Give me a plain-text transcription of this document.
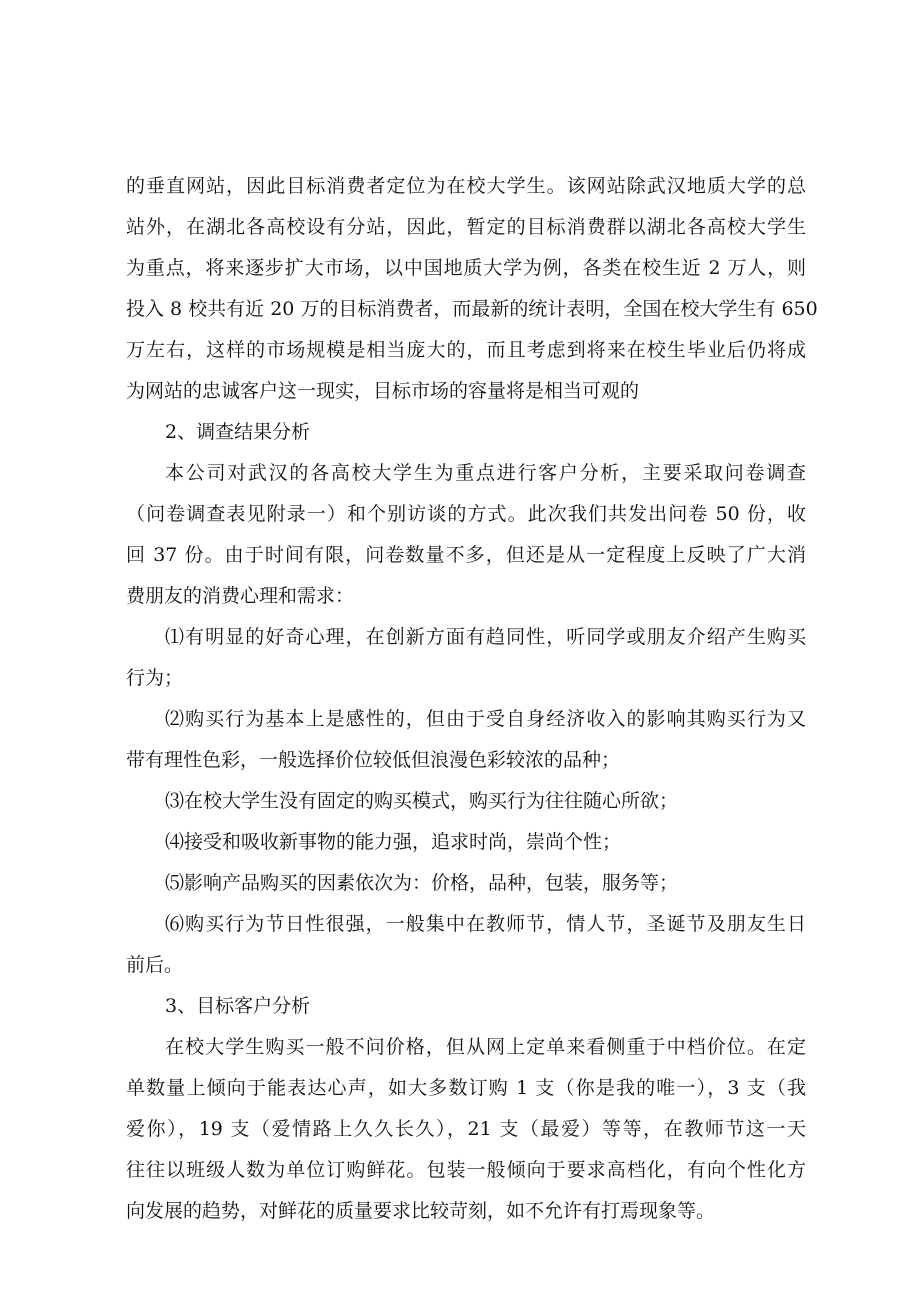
的垂直网站，因此目标消费者定位为在校大学生。该网站除武汉地质大学的总
站外，在湖北各高校设有分站，因此，暂定的目标消费群以湖北各高校大学生
为重点，将来逐步扩大市场，以中国地质大学为例，各类在校生近 2 万人，则
投入 8 校共有近 20 万的目标消费者，而最新的统计表明，全国在校大学生有 650
万左右，这样的市场规模是相当庞大的，而且考虑到将来在校生毕业后仍将成
为网站的忠诚客户这一现实，目标市场的容量将是相当可观的
2、调查结果分析
本公司对武汉的各高校大学生为重点进行客户分析，主要采取问卷调查
（问卷调查表见附录一）和个别访谈的方式。此次我们共发出问卷 50 份，收
回 37 份。由于时间有限，问卷数量不多，但还是从一定程度上反映了广大消
费朋友的消费心理和需求：
⑴有明显的好奇心理，在创新方面有趋同性，听同学或朋友介绍产生购买
行为；
⑵购买行为基本上是感性的，但由于受自身经济收入的影响其购买行为又
带有理性色彩，一般选择价位较低但浪漫色彩较浓的品种；
⑶在校大学生没有固定的购买模式，购买行为往往随心所欲；
⑷接受和吸收新事物的能力强，追求时尚，崇尚个性；
⑸影响产品购买的因素依次为：价格，品种，包装，服务等；
⑹购买行为节日性很强，一般集中在教师节，情人节，圣诞节及朋友生日
前后。
3、目标客户分析
在校大学生购买一般不问价格，但从网上定单来看侧重于中档价位。在定
单数量上倾向于能表达心声，如大多数订购 1 支（你是我的唯一），3 支（我
爱你），19 支（爱情路上久久长久），21 支（最爱）等等，在教师节这一天
往往以班级人数为单位订购鲜花。包装一般倾向于要求高档化，有向个性化方
向发展的趋势，对鲜花的质量要求比较苛刻，如不允许有打焉现象等。
